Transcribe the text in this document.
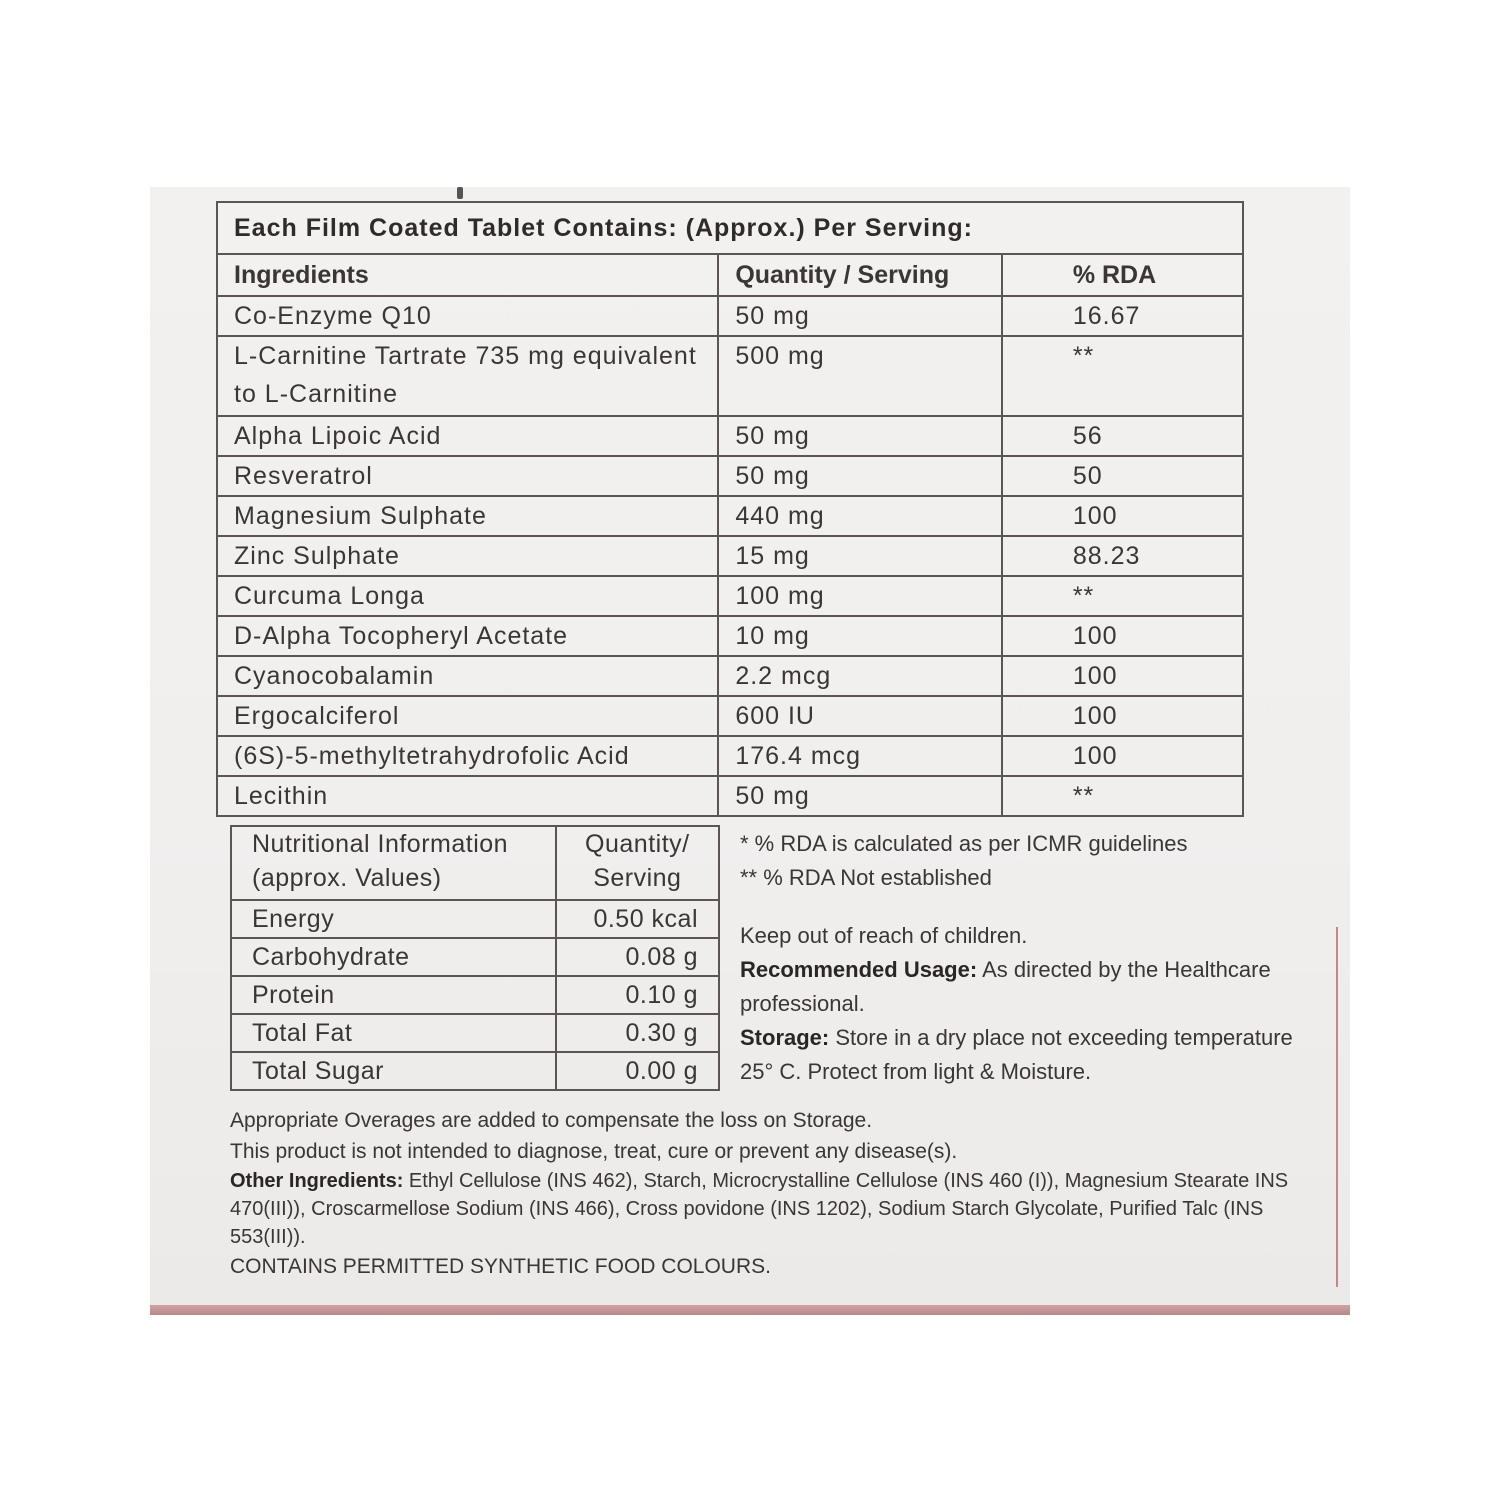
Each Film Coated Tablet Contains: (Approx.) Per Serving:		
Ingredients	Quantity / Serving	% RDA
Co-Enzyme Q10	50 mg	16.67
L-Carnitine Tartrate 735 mg equivalent to L-Carnitine	500 mg	**
Alpha Lipoic Acid	50 mg	56
Resveratrol	50 mg	50
Magnesium Sulphate	440 mg	100
Zinc Sulphate	15 mg	88.23
Curcuma Longa	100 mg	**
D-Alpha Tocopheryl Acetate	10 mg	100
Cyanocobalamin	2.2 mcg	100
Ergocalciferol	600 IU	100
(6S)-5-methyltetrahydrofolic Acid	176.4 mcg	100
Lecithin	50 mg	**
Nutritional Information (approx. Values)	Quantity/ Serving
Energy	0.50 kcal
Carbohydrate	0.08 g
Protein	0.10 g
Total Fat	0.30 g
Total Sugar	0.00 g

* % RDA is calculated as per ICMR guidelines

** % RDA Not established

Keep out of reach of children.

Recommended Usage: As directed by the Healthcare professional.

Storage: Store in a dry place not exceeding temperature 25° C. Protect from light & Moisture.

Appropriate Overages are added to compensate the loss on Storage.

This product is not intended to diagnose, treat, cure or prevent any disease(s).

Other Ingredients: Ethyl Cellulose (INS 462), Starch, Microcrystalline Cellulose (INS 460 (I)), Magnesium Stearate INS 470(III)), Croscarmellose Sodium (INS 466), Cross povidone (INS 1202), Sodium Starch Glycolate, Purified Talc (INS 553(III)).

CONTAINS PERMITTED SYNTHETIC FOOD COLOURS.
